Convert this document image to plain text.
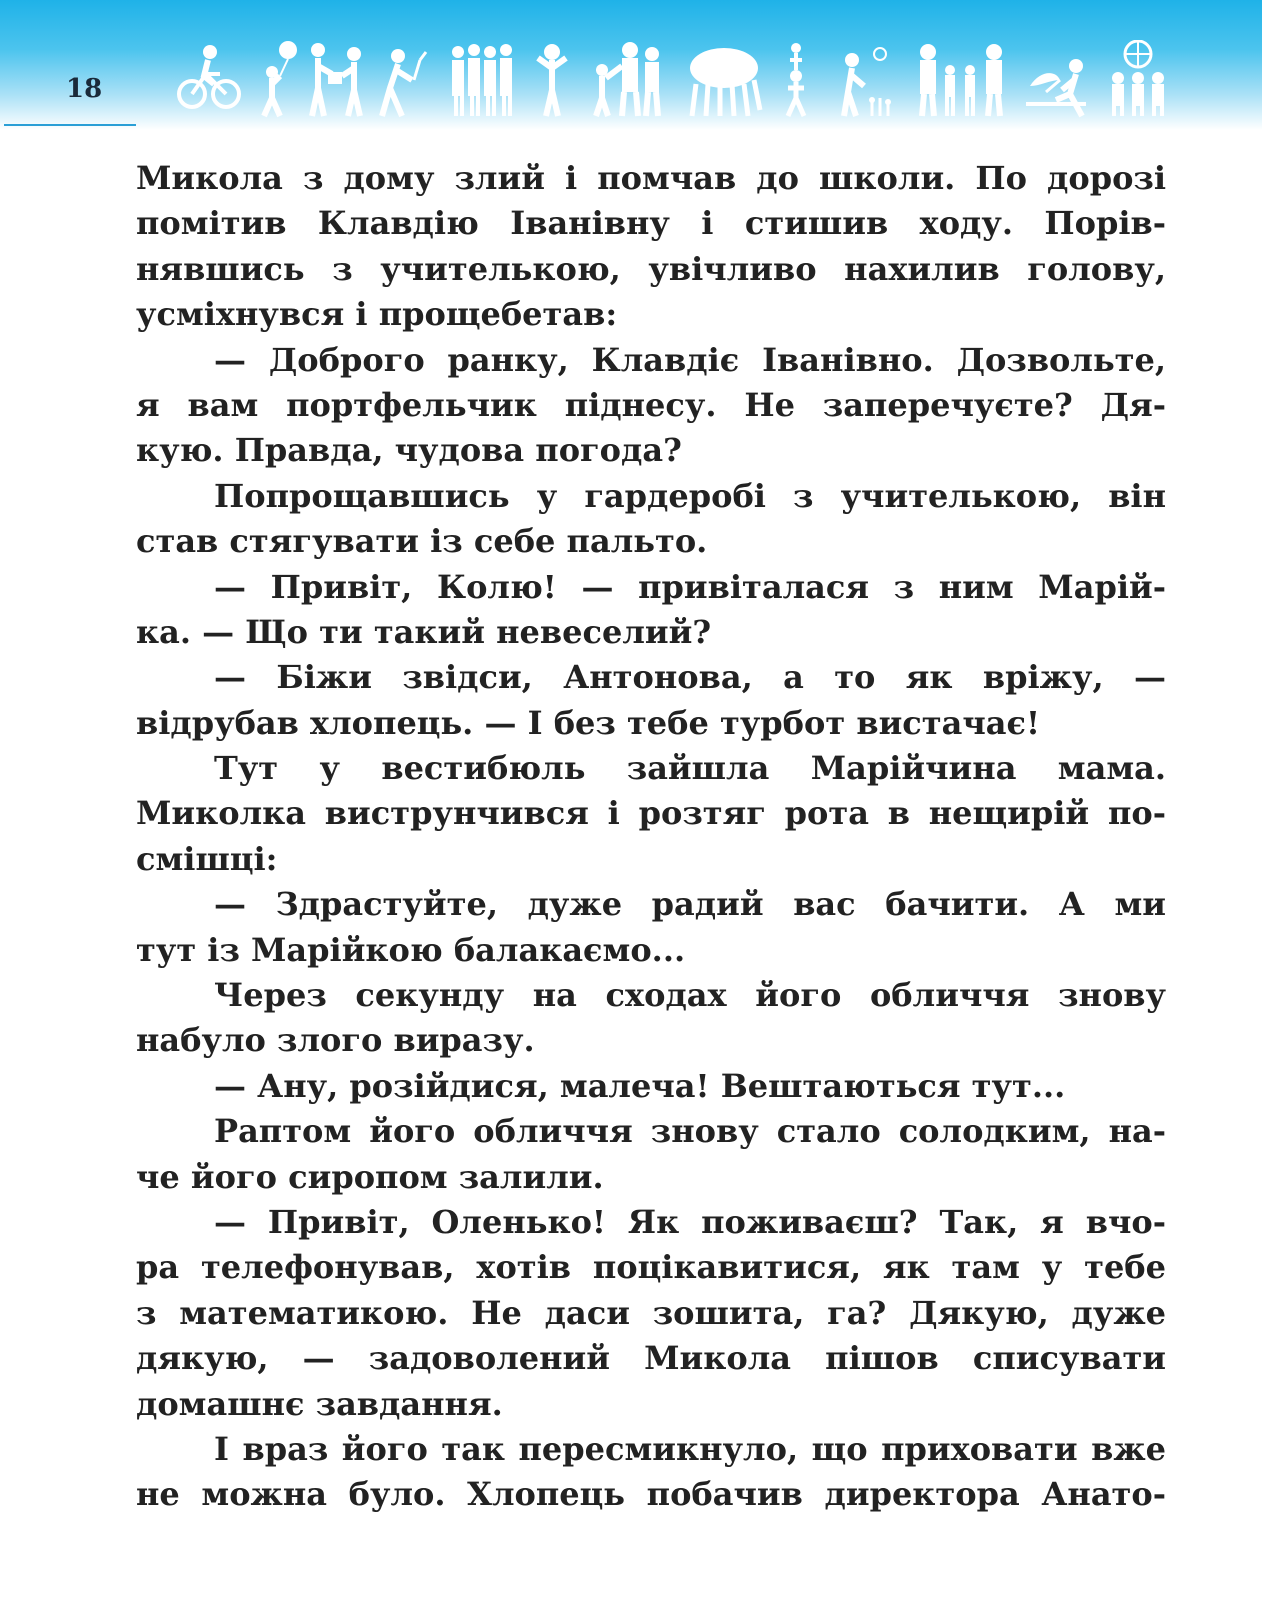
18
Микола з дому злий і помчав до школи. По дорозі
помітив Клавдію Іванівну і стишив ходу. Порів-
нявшись з учителькою, увічливо нахилив голову,
усміхнувся і прощебетав:
— Доброго ранку, Клавдіє Іванівно. Дозвольте,
я вам портфельчик піднесу. Не заперечуєте? Дя-
кую. Правда, чудова погода?
Попрощавшись у гардеробі з учителькою, він
став стягувати із себе пальто.
— Привіт, Колю! — привіталася з ним Марій-
ка. — Що ти такий невеселий?
— Біжи звідси, Антонова, а то як вріжу, —
відрубав хлопець. — І без тебе турбот вистачає!
Тут у вестибюль зайшла Марійчина мама.
Миколка виструнчився і розтяг рота в нещирій по-
смішці:
— Здрастуйте, дуже радий вас бачити. А ми
тут із Марійкою балакаємо...
Через секунду на сходах його обличчя знову
набуло злого виразу.
— Ану, розійдися, малеча! Вештаються тут...
Раптом його обличчя знову стало солодким, на-
че його сиропом залили.
— Привіт, Оленько! Як поживаєш? Так, я вчо-
ра телефонував, хотів поцікавитися, як там у тебе
з математикою. Не даси зошита, га? Дякую, дуже
дякую, — задоволений Микола пішов списувати
домашнє завдання.
І враз його так пересмикнуло, що приховати вже
не можна було. Хлопець побачив директора Анато-
